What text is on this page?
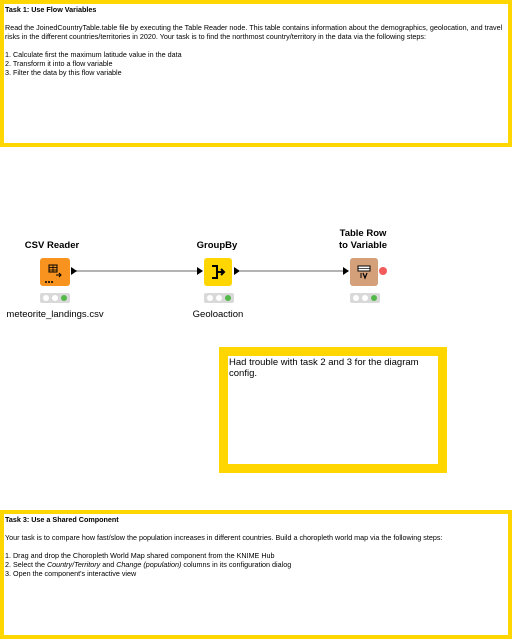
Task 1: Use Flow Variables
Read the JoinedCountryTable.table file by executing the Table Reader node. This table contains information about the demographics, geolocation, and travel risks in the different countries/territories in 2020. Your task is to find the northmost country/territory in the data via the following steps:
1. Calculate first the maximum latitude value in the data
2. Transform it into a flow variable
3. Filter the data by this flow variable
CSV Reader
meteorite_landings.csv
GroupBy
Geoloaction
Table Row
to Variable
Had trouble with task 2 and 3 for the diagram config.
Task 3: Use a Shared Component
Your task is to compare how fast/slow the population increases in different countries. Build a choropleth world map via the following steps:
1. Drag and drop the Choropleth World Map shared component from the KNIME Hub
2. Select the Country/Territory and Change (population) columns in its configuration dialog
3. Open the component's interactive view
